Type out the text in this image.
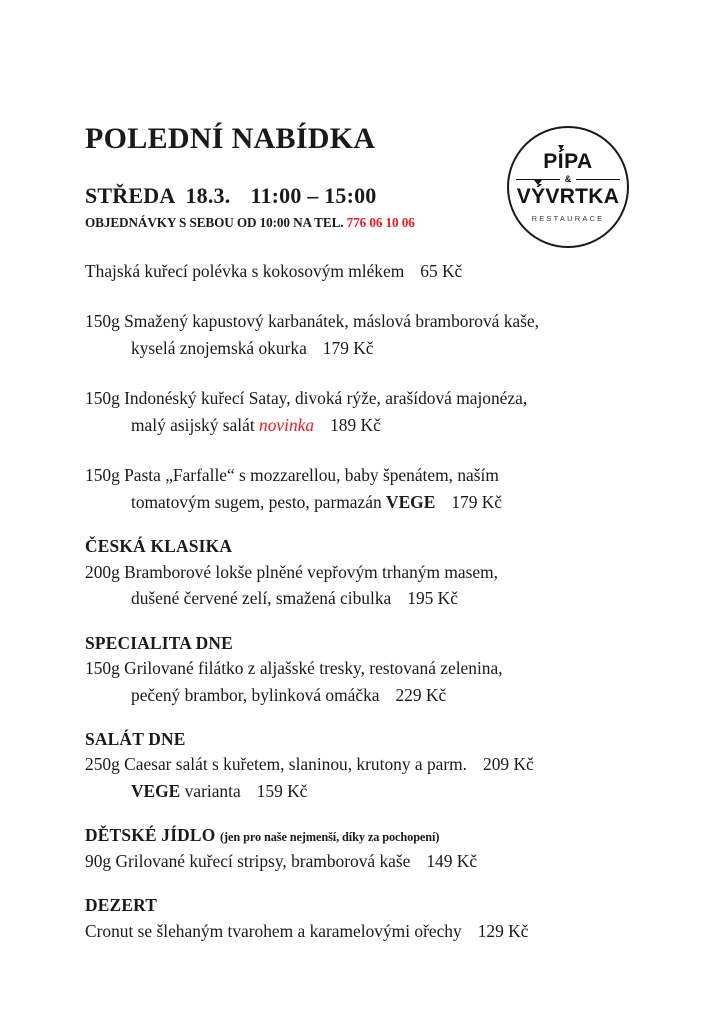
POLEDNÍ NABÍDKA
STŘEDA 18.3. 11:00 – 15:00
OBJEDNÁVKY S SEBOU OD 10:00 NA TEL. 776 06 10 06
PÍPA
&
VÝVRTKA
RESTAURACE
Thajská kuřecí polévka s kokosovým mlékem 65 Kč
150g Smažený kapustový karbanátek, máslová bramborová kaše,
kyselá znojemská okurka 179 Kč
150g Indonéský kuřecí Satay, divoká rýže, arašídová majonéza,
malý asijský salát novinka 189 Kč
150g Pasta „Farfalle“ s mozzarellou, baby špenátem, naším
tomatovým sugem, pesto, parmazán VEGE 179 Kč
ČESKÁ KLASIKA
200g Bramborové lokše plněné vepřovým trhaným masem,
dušené červené zelí, smažená cibulka 195 Kč
SPECIALITA DNE
150g Grilované filátko z aljašské tresky, restovaná zelenina,
pečený brambor, bylinková omáčka 229 Kč
SALÁT DNE
250g Caesar salát s kuřetem, slaninou, krutony a parm. 209 Kč
VEGE varianta 159 Kč
DĚTSKÉ JÍDLO (jen pro naše nejmenší, díky za pochopení)
90g Grilované kuřecí stripsy, bramborová kaše 149 Kč
DEZERT
Cronut se šlehaným tvarohem a karamelovými ořechy 129 Kč
